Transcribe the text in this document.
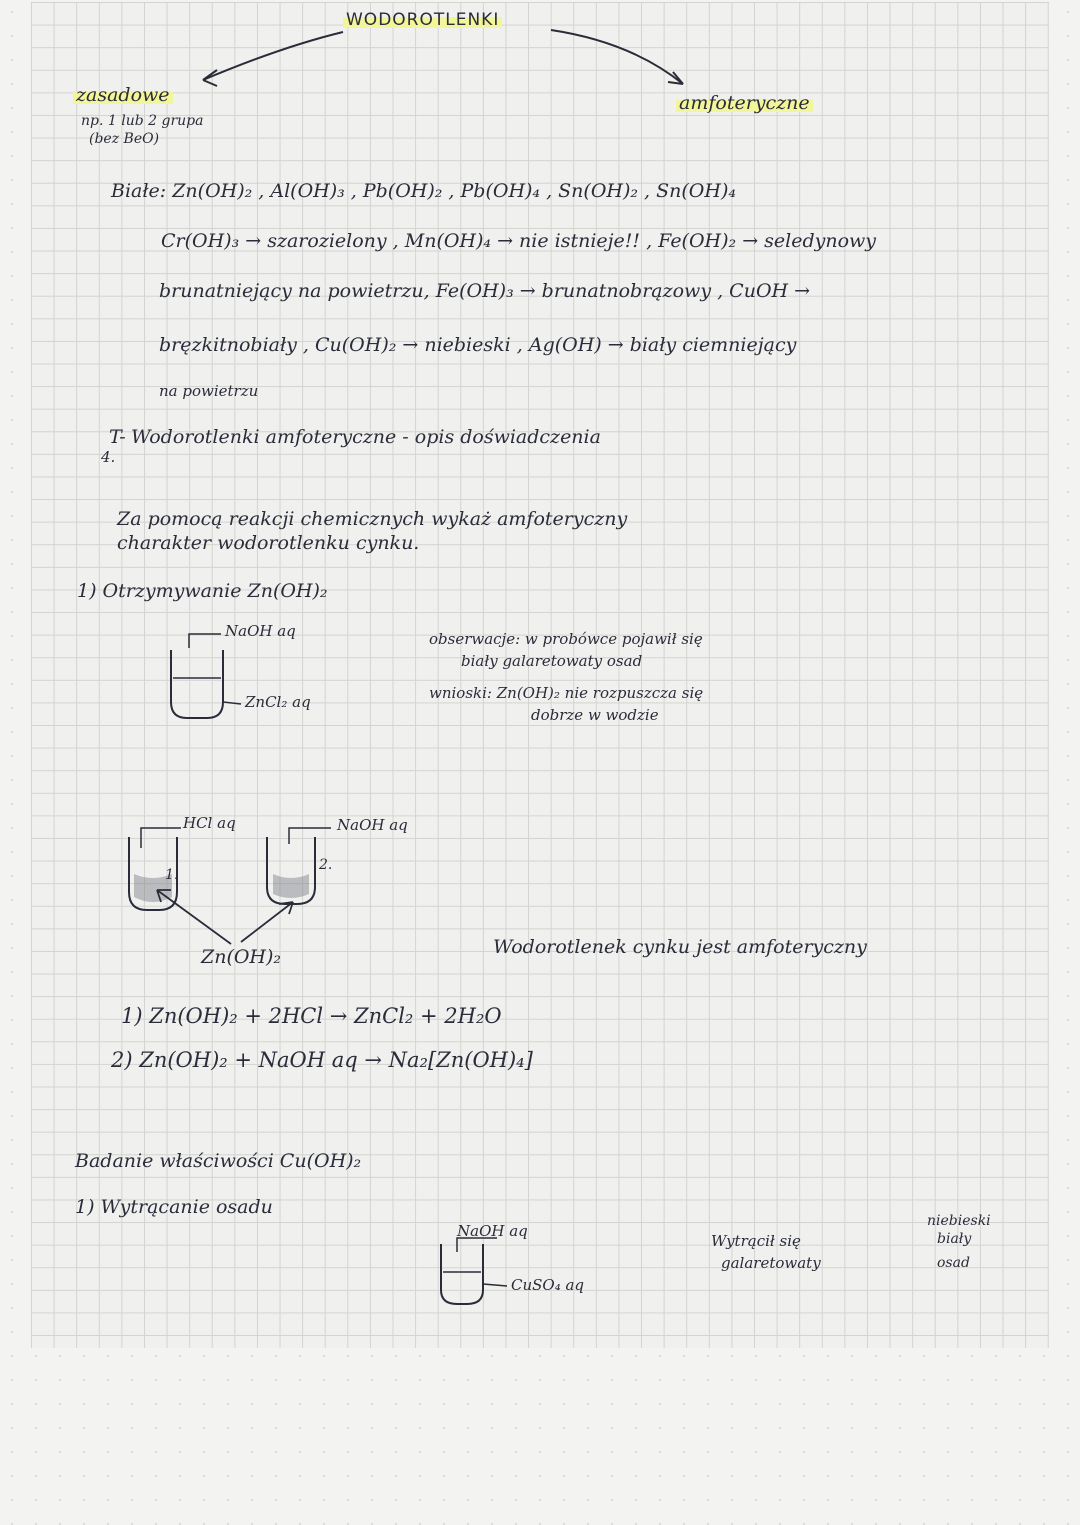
WODOROTLENKI
zasadowe
np. 1 lub 2 grupa
(bez BeO)
amfoteryczne
Białe: Zn(OH)₂ , Al(OH)₃ , Pb(OH)₂ , Pb(OH)₄ , Sn(OH)₂ , Sn(OH)₄
Cr(OH)₃ → szarozielony , Mn(OH)₄ → nie istnieje!! , Fe(OH)₂ → seledynowy
brunatniejący na powietrzu, Fe(OH)₃ → brunatnobrązowy , CuOH →
bręzkitnobiały , Cu(OH)₂ → niebieski , Ag(OH) → biały ciemniejący
na powietrzu
T- Wodorotlenki amfoteryczne - opis doświadczenia
4.
Za pomocą reakcji chemicznych wykaż amfoteryczny
charakter wodorotlenku cynku.
1) Otrzymywanie Zn(OH)₂
NaOH aq
ZnCl₂ aq
obserwacje: w probówce pojawił się
biały galaretowaty osad
wnioski: Zn(OH)₂ nie rozpuszcza się
dobrze w wodzie
HCl aq	NaOH aq
1.
2.
Zn(OH)₂	Wodorotlenek cynku jest amfoteryczny
1) Zn(OH)₂ + 2HCl → ZnCl₂ + 2H₂O
2) Zn(OH)₂ + NaOH aq → Na₂[Zn(OH)₄]
Badanie właściwości Cu(OH)₂
1) Wytrącanie osadu
NaOH aq
CuSO₄ aq
Wytrącił się
galaretowaty
niebieski
biały
osad
